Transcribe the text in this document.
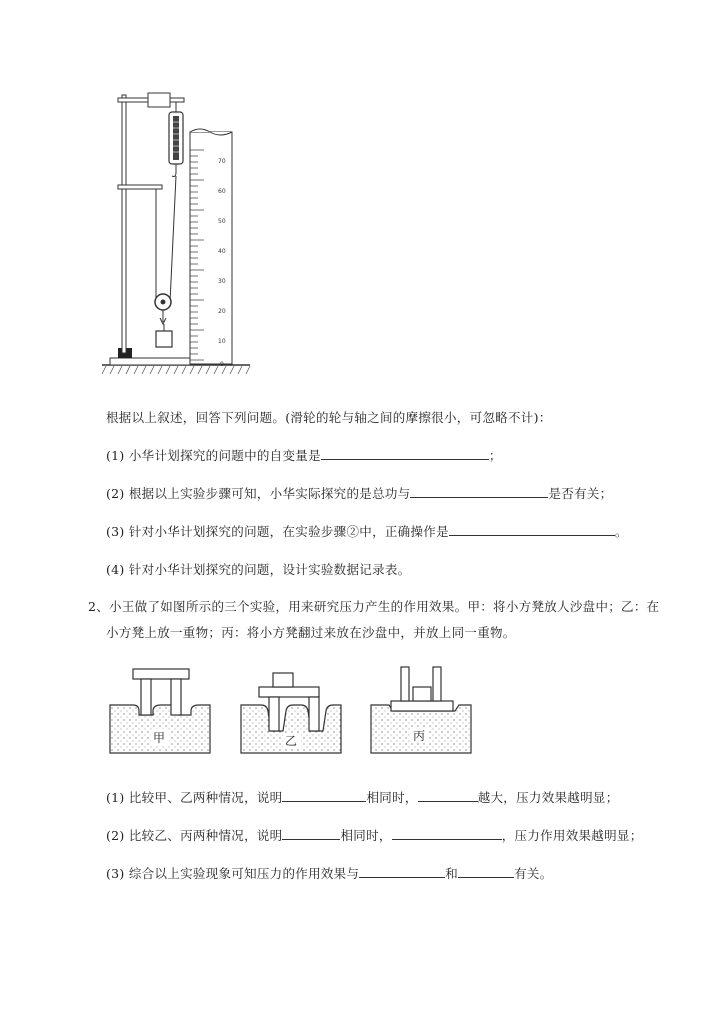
70
60
50
40
30
20
10
0
根据以上叙述，回答下列问题。(滑轮的轮与轴之间的摩擦很小，可忽略不计)：
(1) 小华计划探究的问题中的自变量是	；
(2) 根据以上实验步骤可知，小华实际探究的是总功与	是否有关；
(3) 针对小华计划探究的问题，在实验步骤②中，正确操作是	。
(4) 针对小华计划探究的问题，设计实验数据记录表。
2、小王做了如图所示的三个实验，用来研究压力产生的作用效果。甲：将小方凳放人沙盘中；乙：在
小方凳上放一重物；丙：将小方凳翻过来放在沙盘中，并放上同一重物。
甲	乙	丙
(1) 比较甲、乙两种情况，说明	相同时，	越大，压力效果越明显；
(2) 比较乙、丙两种情况，说明	相同时，	，压力作用效果越明显；
(3) 综合以上实验现象可知压力的作用效果与	和	有关。
